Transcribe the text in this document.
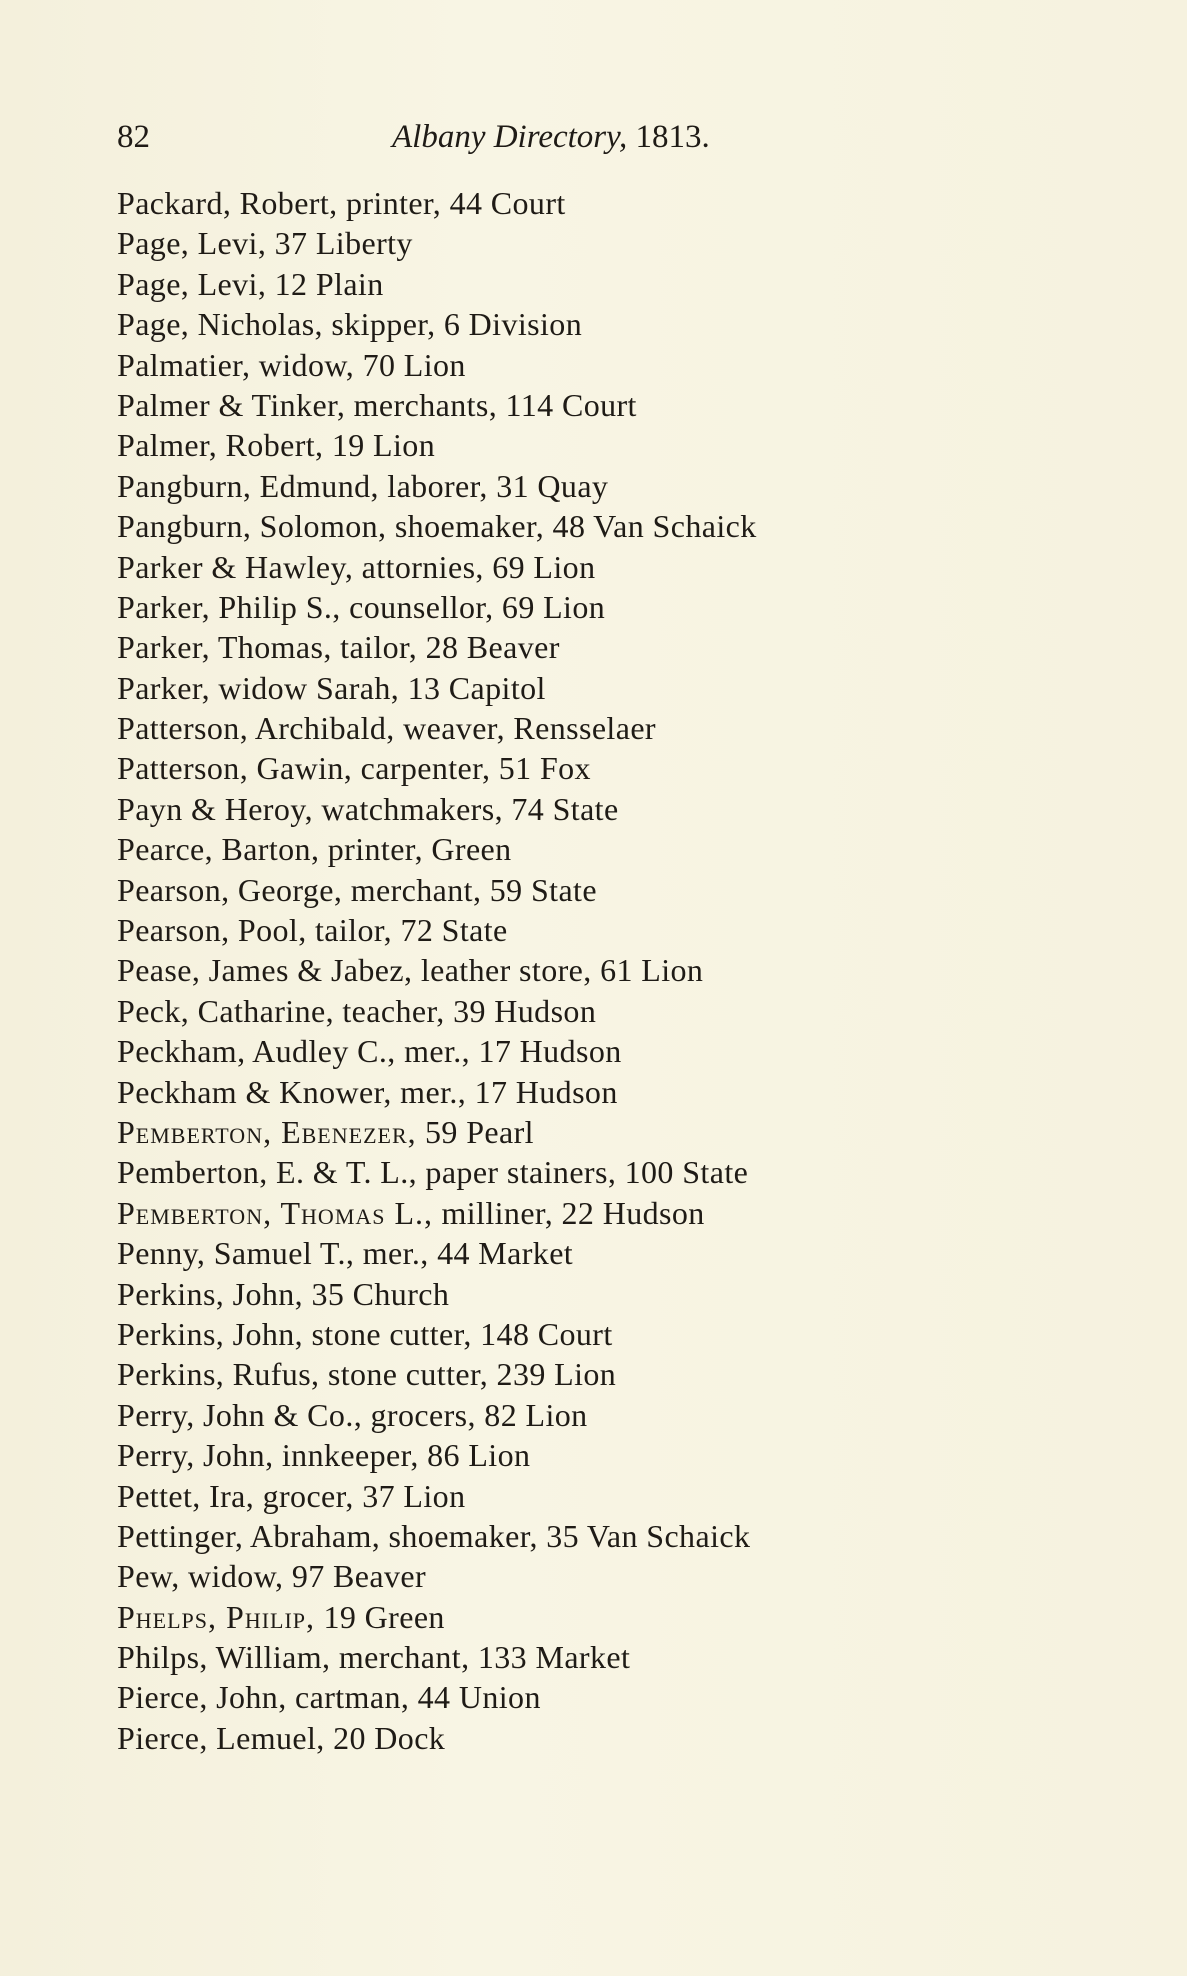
82	Albany Directory, 1813.
Packard, Robert, printer, 44 Court
Page, Levi, 37 Liberty
Page, Levi, 12 Plain
Page, Nicholas, skipper, 6 Division
Palmatier, widow, 70 Lion
Palmer & Tinker, merchants, 114 Court
Palmer, Robert, 19 Lion
Pangburn, Edmund, laborer, 31 Quay
Pangburn, Solomon, shoemaker, 48 Van Schaick
Parker & Hawley, attornies, 69 Lion
Parker, Philip S., counsellor, 69 Lion
Parker, Thomas, tailor, 28 Beaver
Parker, widow Sarah, 13 Capitol
Patterson, Archibald, weaver, Rensselaer
Patterson, Gawin, carpenter, 51 Fox
Payn & Heroy, watchmakers, 74 State
Pearce, Barton, printer, Green
Pearson, George, merchant, 59 State
Pearson, Pool, tailor, 72 State
Pease, James & Jabez, leather store, 61 Lion
Peck, Catharine, teacher, 39 Hudson
Peckham, Audley C., mer., 17 Hudson
Peckham & Knower, mer., 17 Hudson
Pemberton, Ebenezer, 59 Pearl
Pemberton, E. & T. L., paper stainers, 100 State
Pemberton, Thomas L., milliner, 22 Hudson
Penny, Samuel T., mer., 44 Market
Perkins, John, 35 Church
Perkins, John, stone cutter, 148 Court
Perkins, Rufus, stone cutter, 239 Lion
Perry, John & Co., grocers, 82 Lion
Perry, John, innkeeper, 86 Lion
Pettet, Ira, grocer, 37 Lion
Pettinger, Abraham, shoemaker, 35 Van Schaick
Pew, widow, 97 Beaver
Phelps, Philip, 19 Green
Philps, William, merchant, 133 Market
Pierce, John, cartman, 44 Union
Pierce, Lemuel, 20 Dock
